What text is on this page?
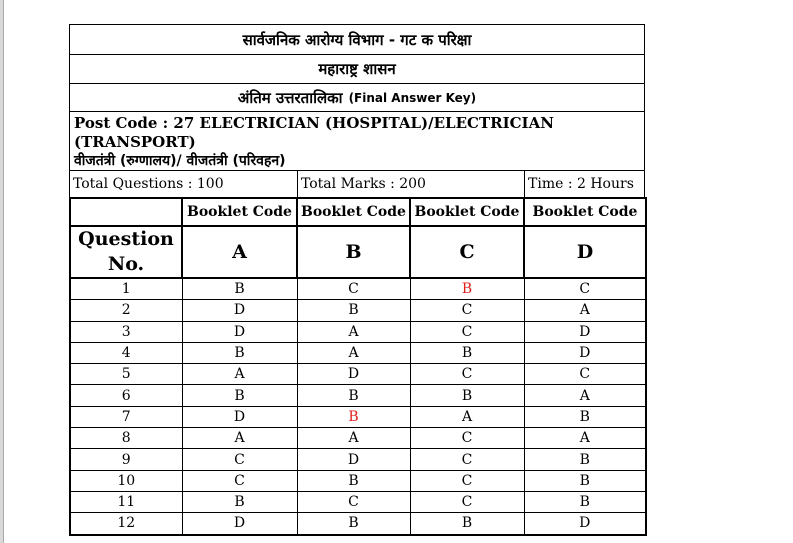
सार्वजनिक आरोग्य विभाग - गट क परिक्षा
महाराष्ट्र शासन
अंतिम उत्तरतालिका (Final Answer Key)
Post Code : 27 ELECTRICIAN (HOSPITAL)/ELECTRICIAN (TRANSPORT)
वीजतंत्री (रुग्णालय)/ वीजतंत्री (परिवहन)
Total Questions : 100	Total Marks : 200	Time : 2 Hours
	Booklet Code	Booklet Code	Booklet Code	Booklet Code

Question
No.	A	B	C	D
1	B	C	B	C
2	D	B	C	A
3	D	A	C	D
4	B	A	B	D
5	A	D	C	C
6	B	B	B	A
7	D	B	A	B
8	A	A	C	A
9	C	D	C	B
10	C	B	C	B
11	B	C	C	B
12	D	B	B	D
